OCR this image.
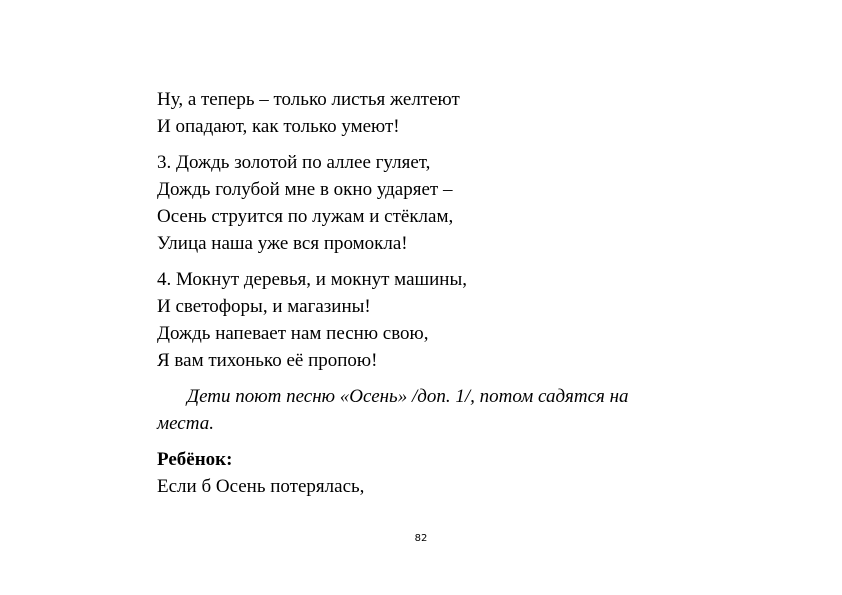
Ну, а теперь – только листья желтеют
И опадают, как только умеют!
3. Дождь золотой по аллее гуляет,
Дождь голубой мне в окно ударяет –
Осень струится по лужам и стёклам,
Улица наша уже вся промокла!
4. Мокнут деревья, и мокнут машины,
И светофоры, и магазины!
Дождь напевает нам песню свою,
Я вам тихонько её пропою!
Дети поют песню «Осень» /доп. 1/, потом садятся на места.
Ребёнок:
Если б Осень потерялась,
82
